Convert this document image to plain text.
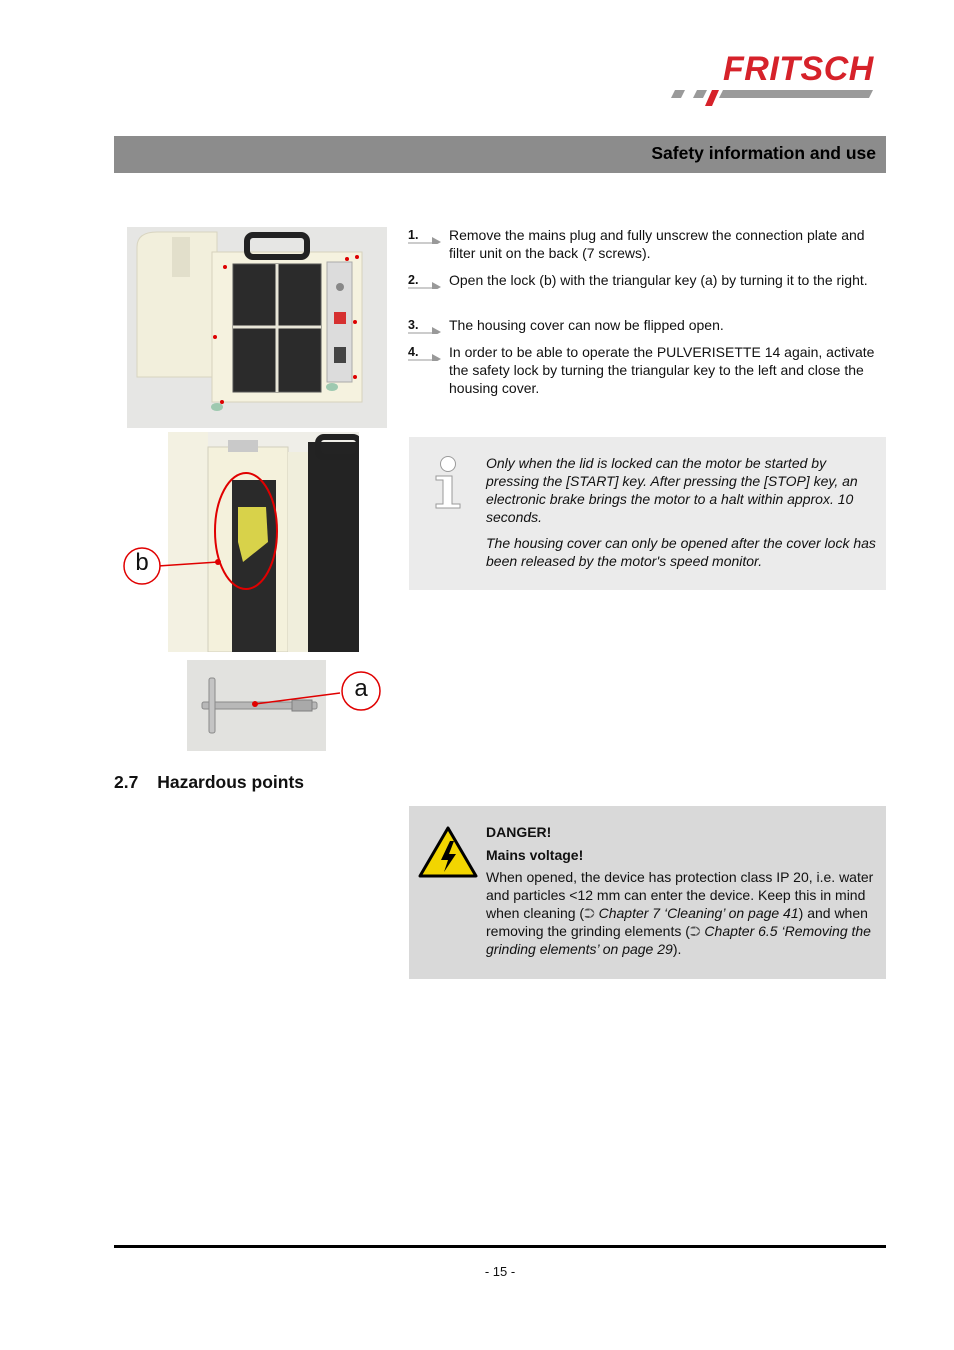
FRITSCH
Safety information and use
b
a
1. Remove the mains plug and fully unscrew the connection plate and filter unit on the back (7 screws).
2. Open the lock (b) with the triangular key (a) by turning it to the right.
3. The housing cover can now be flipped open.
4. In order to be able to operate the PULVERISETTE 14 again, activate the safety lock by turning the triangular key to the left and close the housing cover.
Only when the lid is locked can the motor be started by pressing the [START] key. After pressing the [STOP] key, an electronic brake brings the motor to a halt within approx. 10 seconds.
The housing cover can only be opened after the cover lock has been released by the motor's speed monitor.
2.7 Hazardous points
DANGER!
Mains voltage!
When opened, the device has protection class IP 20, i.e. water and particles <12 mm can enter the device. Keep this in mind when cleaning (⮊ Chapter 7 ‘Cleaning’ on page 41) and when removing the grinding elements (⮊ Chapter 6.5 ‘Removing the grinding elements’ on page 29).
- 15 -
